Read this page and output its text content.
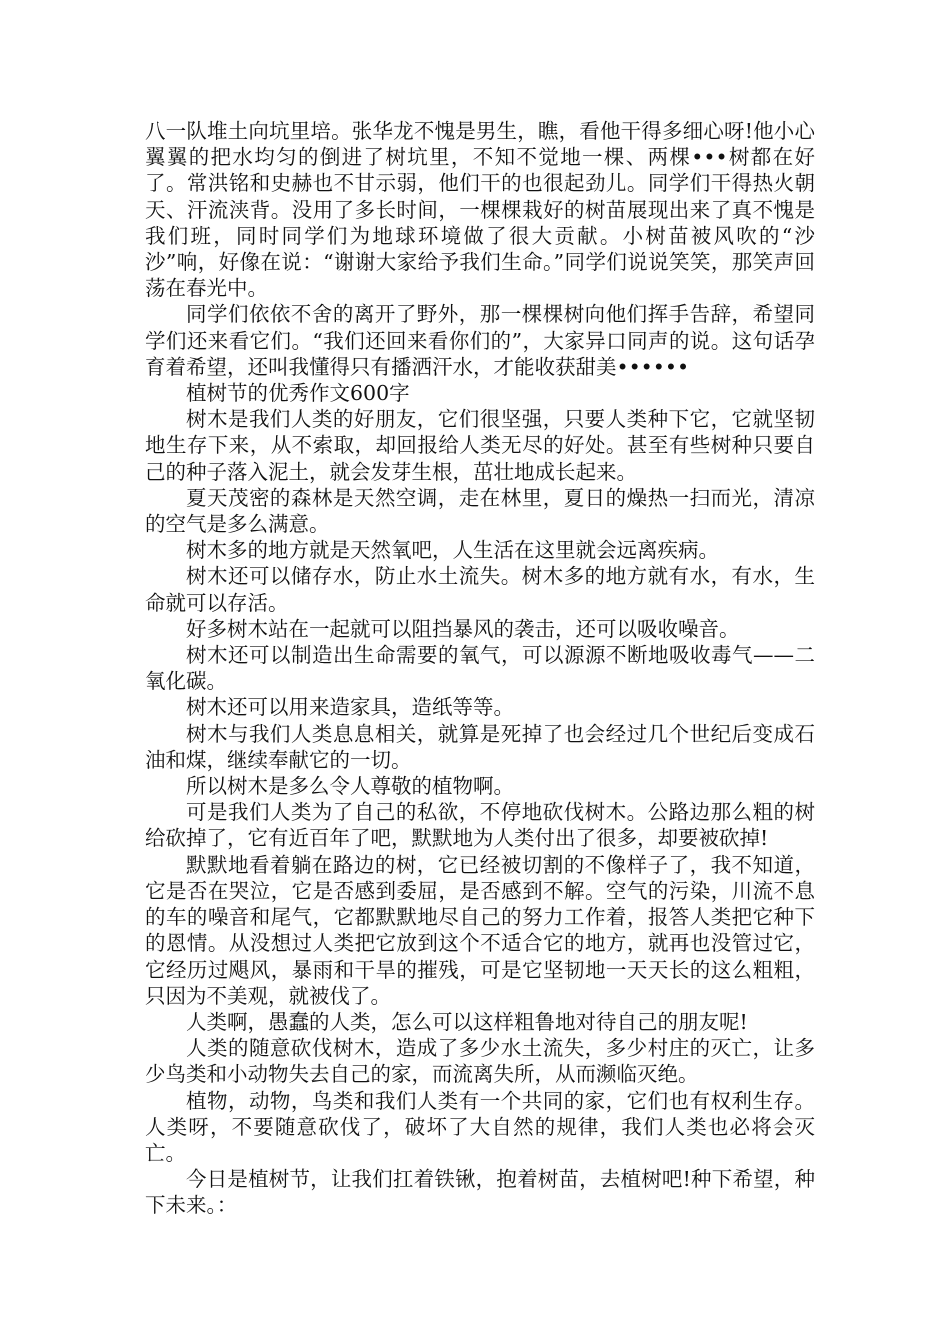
八一队堆土向坑里培。张华龙不愧是男生，瞧，看他干得多细心呀!他小心翼翼的把水均匀的倒进了树坑里，不知不觉地一棵、两棵•••树都在好了。常洪铭和史赫也不甘示弱，他们干的也很起劲儿。同学们干得热火朝天、汗流浃背。没用了多长时间，一棵棵栽好的树苗展现出来了真不愧是我们班，同时同学们为地球环境做了很大贡献。小树苗被风吹的“沙沙”响，好像在说：“谢谢大家给予我们生命。”同学们说说笑笑，那笑声回荡在春光中。

同学们依依不舍的离开了野外，那一棵棵树向他们挥手告辞，希望同学们还来看它们。“我们还回来看你们的”，大家异口同声的说。这句话孕育着希望，还叫我懂得只有播洒汗水，才能收获甜美••••••

植树节的优秀作文600字

树木是我们人类的好朋友，它们很坚强，只要人类种下它，它就坚韧地生存下来，从不索取，却回报给人类无尽的好处。甚至有些树种只要自己的种子落入泥土，就会发芽生根，茁壮地成长起来。

夏天茂密的森林是天然空调，走在林里，夏日的燥热一扫而光，清凉的空气是多么满意。

树木多的地方就是天然氧吧，人生活在这里就会远离疾病。

树木还可以储存水，防止水土流失。树木多的地方就有水，有水，生命就可以存活。

好多树木站在一起就可以阻挡暴风的袭击，还可以吸收噪音。

树木还可以制造出生命需要的氧气，可以源源不断地吸收毒气——二氧化碳。

树木还可以用来造家具，造纸等等。

树木与我们人类息息相关，就算是死掉了也会经过几个世纪后变成石油和煤，继续奉献它的一切。

所以树木是多么令人尊敬的植物啊。

可是我们人类为了自己的私欲，不停地砍伐树木。公路边那么粗的树给砍掉了，它有近百年了吧，默默地为人类付出了很多，却要被砍掉!

默默地看着躺在路边的树，它已经被切割的不像样子了，我不知道，它是否在哭泣，它是否感到委屈，是否感到不解。空气的污染，川流不息的车的噪音和尾气，它都默默地尽自己的努力工作着，报答人类把它种下的恩情。从没想过人类把它放到这个不适合它的地方，就再也没管过它，它经历过飓风，暴雨和干旱的摧残，可是它坚韧地一天天长的这么粗粗，只因为不美观，就被伐了。

人类啊，愚蠢的人类，怎么可以这样粗鲁地对待自己的朋友呢!

人类的随意砍伐树木，造成了多少水土流失，多少村庄的灭亡，让多少鸟类和小动物失去自己的家，而流离失所，从而濒临灭绝。

植物，动物，鸟类和我们人类有一个共同的家，它们也有权利生存。人类呀，不要随意砍伐了，破坏了大自然的规律，我们人类也必将会灭亡。

今日是植树节，让我们扛着铁锹，抱着树苗，去植树吧!种下希望，种下未来。：
